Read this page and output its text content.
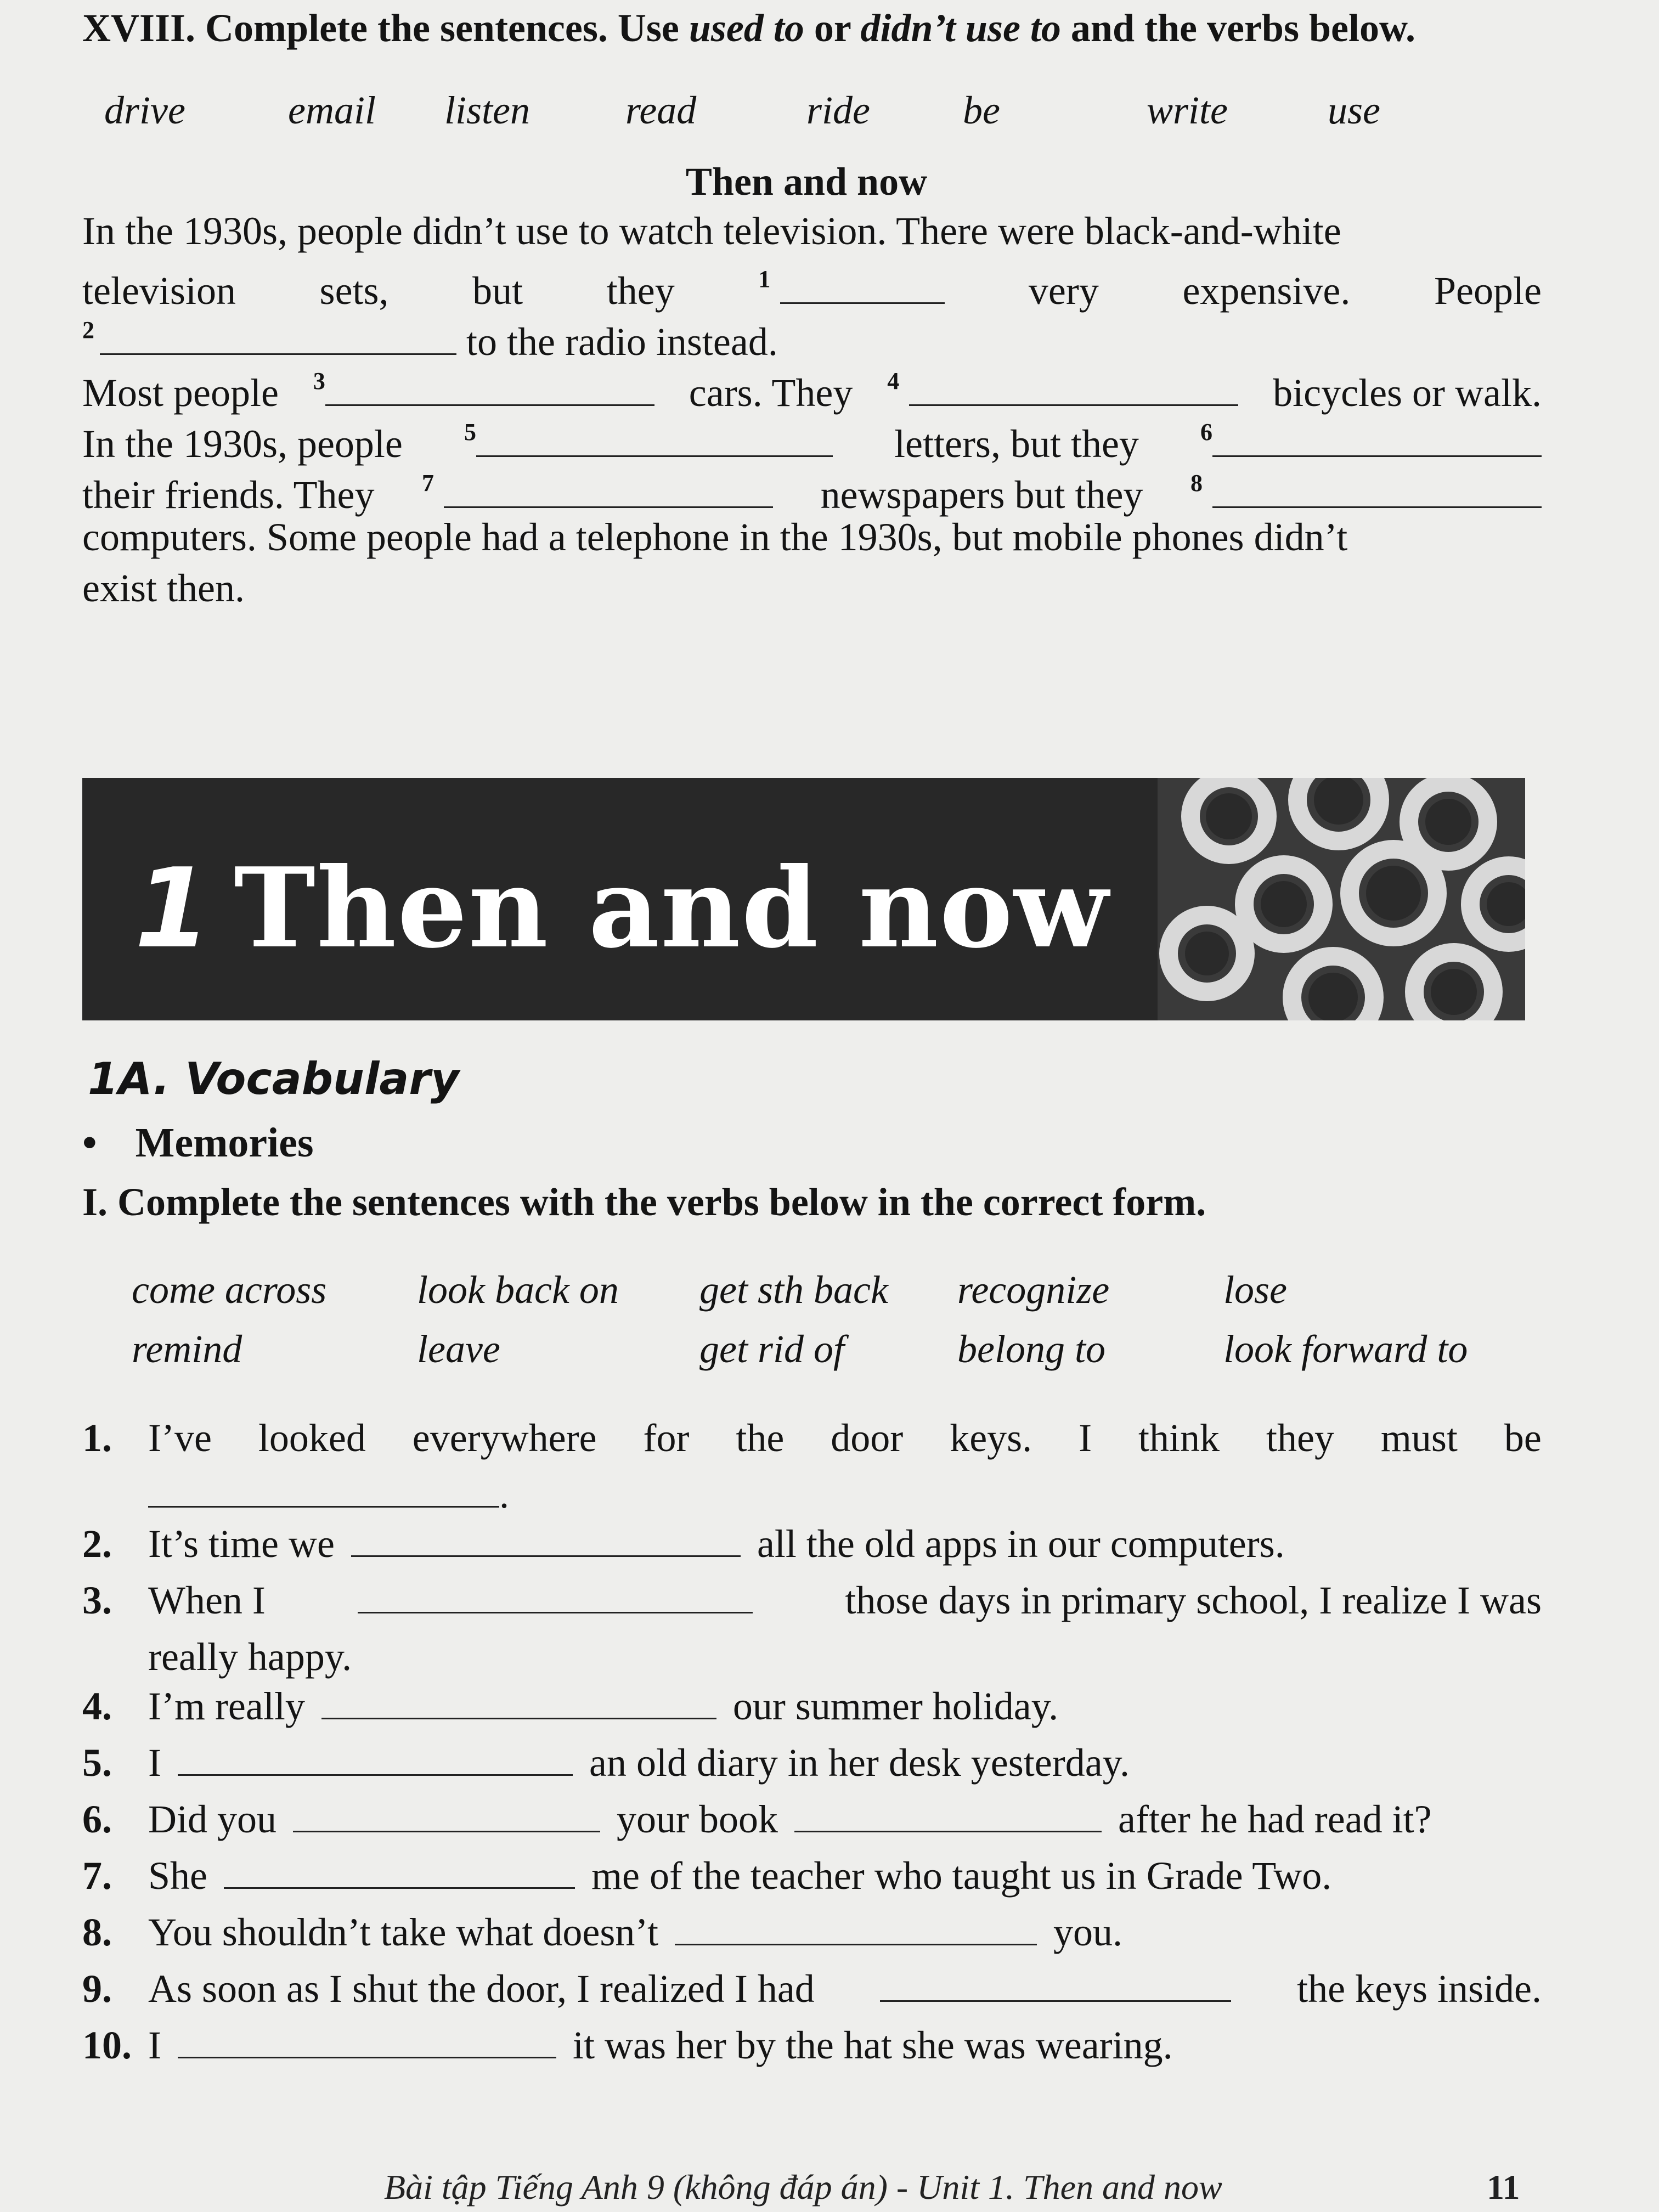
XVIII. Complete the sentences. Use used to or didn’t use to and the verbs below.
drive	email listen read	ride be	write	use
Then and now
In the 1930s, people didn’t use to watch television. There were black-and-white
television sets, but they	$^1$	very expensive. People
$^2$	to the radio instead.
Most people $^3$	cars. They $^4$	bicycles or walk.
In the 1930s, people	$^5$	letters, but they	$^6$
their friends. They $^7$	newspapers but they $^8$
computers. Some people had a telephone in the 1930s, but mobile phones didn’t
exist then.
1 Then and now
1A. Vocabulary
• Memories
I. Complete the sentences with the verbs below in the correct form.
come across look back on get sth back recognize	lose
remind	leave	get rid of	belong to	look forward to
1. I’ve looked everywhere for the door keys. I think they must be
.
2. It’s time we	all the old apps in our computers.
3. When I	those days in primary school, I realize I was
really happy.
4. I’m really	our summer holiday.
5. I	an old diary in her desk yesterday.
6. Did you	your book	after he had read it?
7. She	me of the teacher who taught us in Grade Two.
8. You shouldn’t take what doesn’t	you.
9. As soon as I shut the door, I realized I had	the keys inside.
10. I	it was her by the hat she was wearing.
Bài tập Tiếng Anh 9 (không đáp án) - Unit 1. Then and now	11
